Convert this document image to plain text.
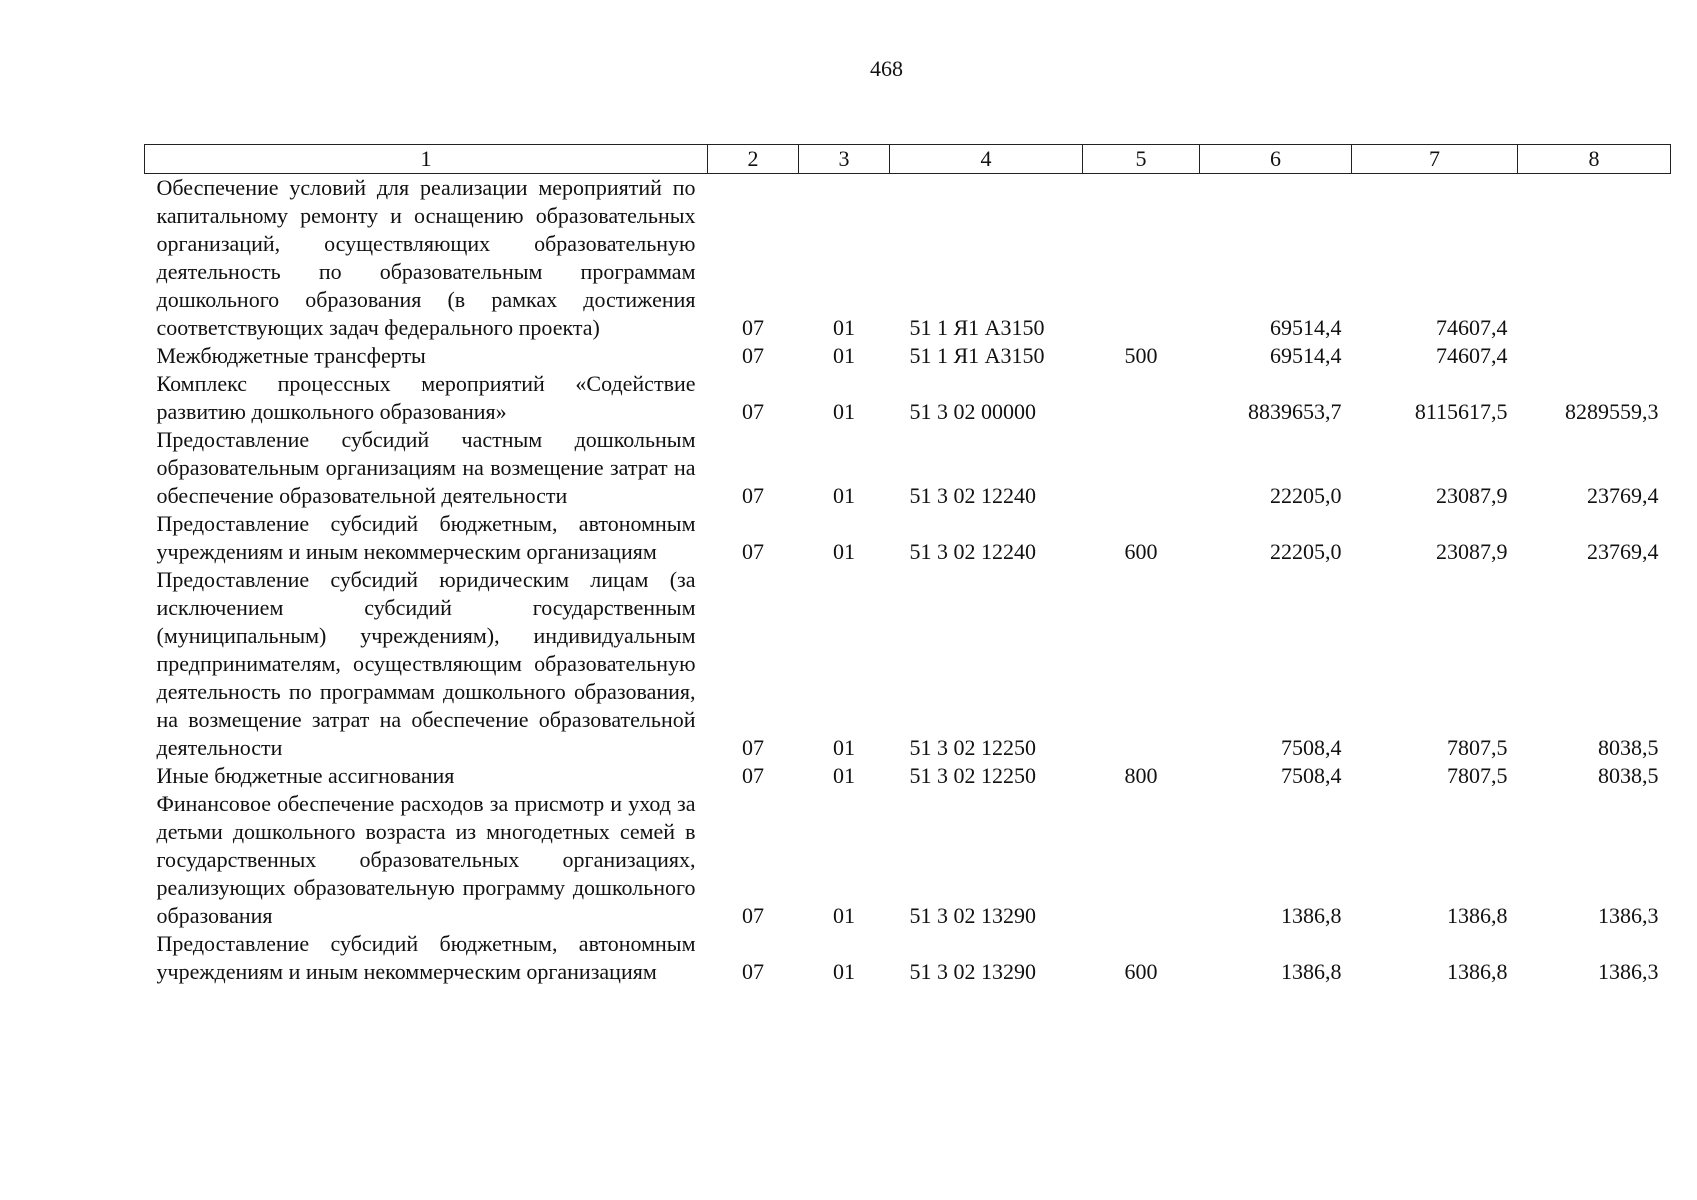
468
1	2	3	4	5	6	7	8
Обеспечение условий для реализации мероприятий по капитальному ремонту и оснащению образовательных организаций, осуществляющих образовательную деятельность по образовательным программам дошкольного образования (в рамках достижения соответствующих задач федерального проекта)	07	01	51 1 Я1 А3150		69514,4	74607,4	
Межбюджетные трансферты	07	01	51 1 Я1 А3150	500	69514,4	74607,4	
Комплекс процессных мероприятий «Содействие развитию дошкольного образования»	07	01	51 3 02 00000		8839653,7	8115617,5	8289559,3
Предоставление субсидий частным дошкольным образовательным организациям на возмещение затрат на обеспечение образовательной деятельности	07	01	51 3 02 12240		22205,0	23087,9	23769,4
Предоставление субсидий бюджетным, автономным учреждениям и иным некоммерческим организациям	07	01	51 3 02 12240	600	22205,0	23087,9	23769,4
Предоставление субсидий юридическим лицам (за исключением субсидий государственным (муниципальным) учреждениям), индивидуальным предпринимателям, осуществляющим образовательную деятельность по программам дошкольного образования, на возмещение затрат на обеспечение образовательной деятельности	07	01	51 3 02 12250		7508,4	7807,5	8038,5
Иные бюджетные ассигнования	07	01	51 3 02 12250	800	7508,4	7807,5	8038,5
Финансовое обеспечение расходов за присмотр и уход за детьми дошкольного возраста из многодетных семей в государственных образовательных организациях, реализующих образовательную программу дошкольного образования	07	01	51 3 02 13290		1386,8	1386,8	1386,3
Предоставление субсидий бюджетным, автономным учреждениям и иным некоммерческим организациям	07	01	51 3 02 13290	600	1386,8	1386,8	1386,3
